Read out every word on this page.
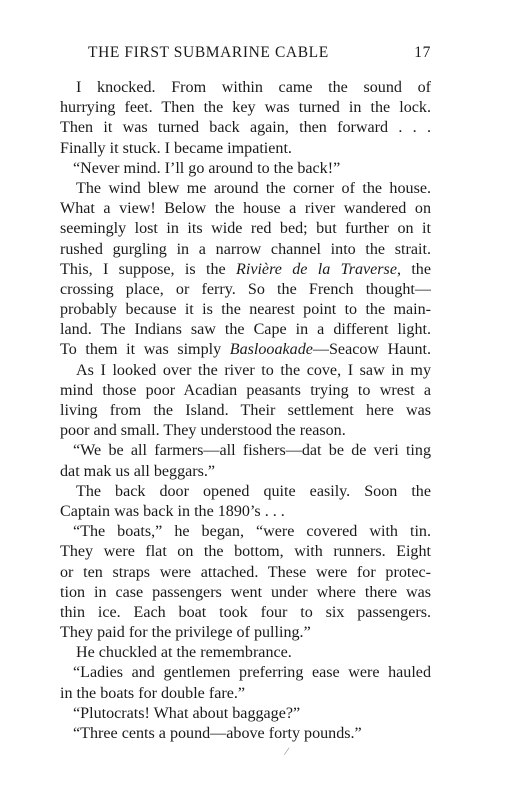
THE FIRST SUBMARINE CABLE	17
I knocked. From within came the sound of
hurrying feet. Then the key was turned in the lock.
Then it was turned back again, then forward . . .
Finally it stuck. I became impatient.
“Never mind. I’ll go around to the back!”
The wind blew me around the corner of the house.
What a view! Below the house a river wandered on
seemingly lost in its wide red bed; but further on it
rushed gurgling in a narrow channel into the strait.
This, I suppose, is the Rivière de la Traverse, the
crossing place, or ferry. So the French thought—
probably because it is the nearest point to the main-
land. The Indians saw the Cape in a different light.
To them it was simply Baslooakade—Seacow Haunt.
As I looked over the river to the cove, I saw in my
mind those poor Acadian peasants trying to wrest a
living from the Island. Their settlement here was
poor and small. They understood the reason.
“We be all farmers—all fishers—dat be de veri ting
dat mak us all beggars.”
The back door opened quite easily. Soon the
Captain was back in the 1890’s . . .
“The boats,” he began, “were covered with tin.
They were flat on the bottom, with runners. Eight
or ten straps were attached. These were for protec-
tion in case passengers went under where there was
thin ice. Each boat took four to six passengers.
They paid for the privilege of pulling.”
He chuckled at the remembrance.
“Ladies and gentlemen preferring ease were hauled
in the boats for double fare.”
“Plutocrats! What about baggage?”
“Three cents a pound—above forty pounds.”
/
